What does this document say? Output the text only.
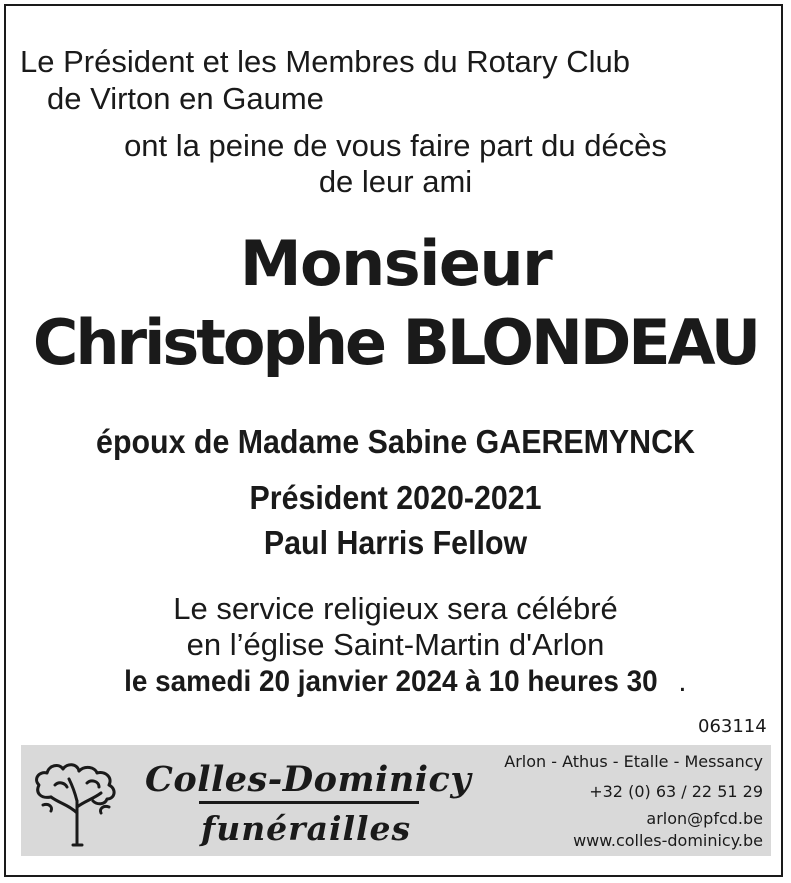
Le Président et les Membres du Rotary Club
de Virton en Gaume
ont la peine de vous faire part du décès
de leur ami
Monsieur
Christophe BLONDEAU
époux de Madame Sabine GAEREMYNCK
Président 2020-2021
Paul Harris Fellow
Le service religieux sera célébré
en l’église Saint-Martin d'Arlon
le samedi 20 janvier 2024 à 10 heures 30 .
063114
Colles-Dominicy
funérailles
Arlon - Athus - Etalle - Messancy
+32 (0) 63 / 22 51 29
arlon@pfcd.be
www.colles-dominicy.be
